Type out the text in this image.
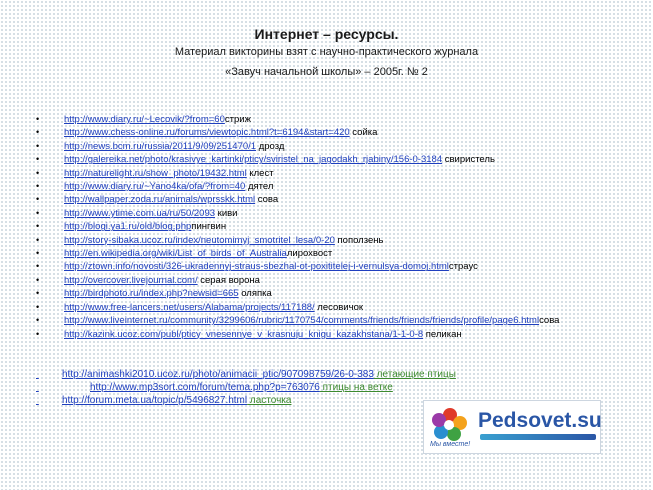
Интернет – ресурсы.

Материал викторины взят с научно-практического журнала

«Завуч начальной школы» – 2005г. № 2

• http://www.diary.ru/~Lecovik/?from=60стриж
• http://www.chess-online.ru/forums/viewtopic.html?t=6194&start=420 сойка
• http://news.bcm.ru/russia/2011/9/09/251470/1 дрозд
• http://galereika.net/photo/krasivye_kartinki/pticy/sviristel_na_jagodakh_rjabiny/156-0-3184 свиристель
• http://naturelight.ru/show_photo/19432.html клест
• http://www.diary.ru/~Yano4ka/ofa/?from=40 дятел
• http://wallpaper.zoda.ru/animals/wprsskk.html сова
• http://www.ytime.com.ua/ru/50/2093 киви
• http://blogi.ya1.ru/old/blog.phpпингвин
• http://story-sibaka.ucoz.ru/index/neutomimyj_smotritel_lesa/0-20 поползень
• http://en.wikipedia.org/wiki/List_of_birds_of_Australiaлирохвост
• http://ztown.info/novosti/326-ukradennyj-straus-sbezhal-ot-poxititelej-i-vernulsya-domoj.htmlстраус
• http://overcover.livejournal.com/ серая ворона
• http://birdphoto.ru/index.php?newsid=665 оляпка
• http://www.free-lancers.net/users/Alabama/projects/117188/ лесовичок
• http://www.liveinternet.ru/community/3299606/rubric/1170754/comments/friends/friends/friends/profile/page6.htmlсова
• http://kazink.ucoz.com/publ/pticy_vnesennye_v_krasnuju_knigu_kazakhstana/1-1-0-8 пеликан
http://animashki2010.ucoz.ru/photo/animacii_ptic/907098759/26-0-383 летающие птицы
http://www.mp3sort.com/forum/tema.php?p=763076 птицы на ветке
http://forum.meta.ua/topic/p/5496827.html ласточка
Pedsovet.su
Мы вместе!
